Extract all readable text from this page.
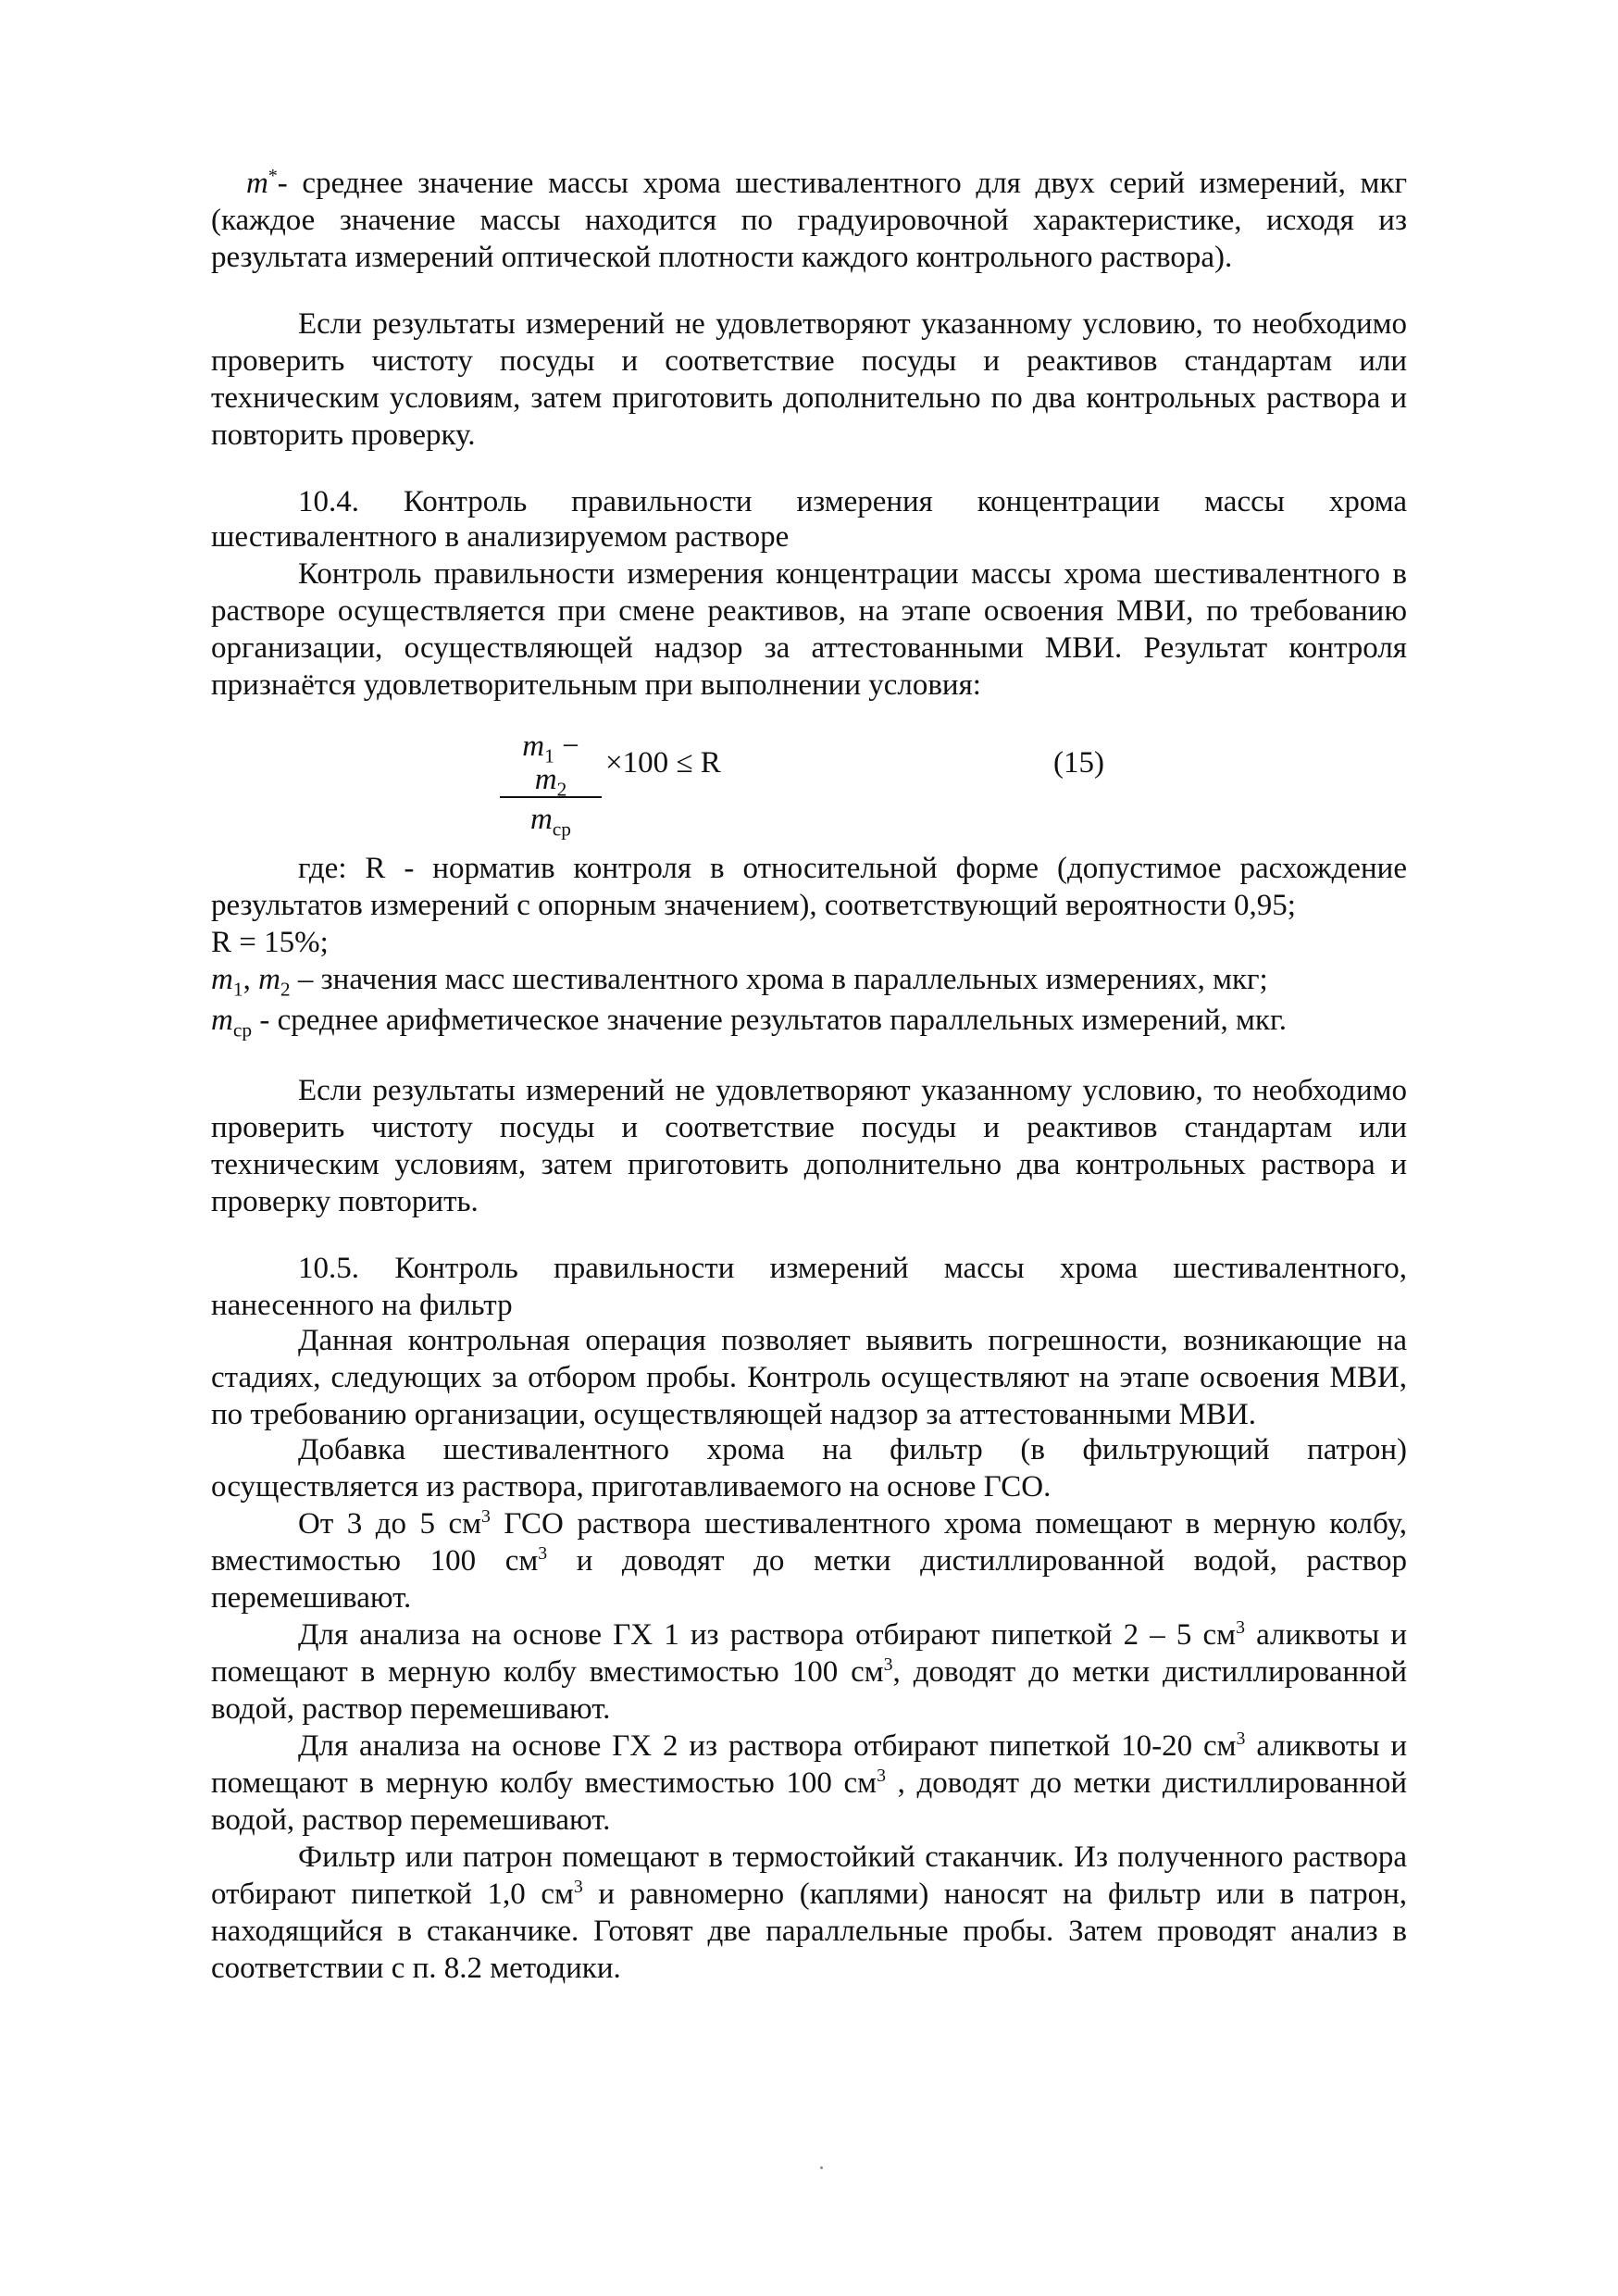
m*- среднее значение массы хрома шестивалентного для двух серий измерений, мкг
(каждое значение массы находится по градуировочной характеристике, исходя из
результата измерений оптической плотности каждого контрольного раствора).
Если результаты измерений не удовлетворяют указанному условию, то необходимо
проверить чистоту посуды и соответствие посуды и реактивов стандартам или
техническим условиям, затем приготовить дополнительно по два контрольных раствора и
повторить проверку.
10.4. Контроль правильности измерения концентрации массы хрома
шестивалентного в анализируемом растворе
Контроль правильности измерения концентрации массы хрома шестивалентного в
растворе осуществляется при смене реактивов, на этапе освоения МВИ, по требованию
организации, осуществляющей надзор за аттестованными МВИ. Результат контроля
признаётся удовлетворительным при выполнении условия:
$m_1 - m_2$
$m_{ср}$
×100 ≤ R	(15)
где: R - норматив контроля в относительной форме (допустимое расхождение
результатов измерений с опорным значением), соответствующий вероятности 0,95;
R = 15%;
$m_1$, $m_2$ – значения масс шестивалентного хрома в параллельных измерениях, мкг;
$m_{ср}$ - среднее арифметическое значение результатов параллельных измерений, мкг.
Если результаты измерений не удовлетворяют указанному условию, то необходимо
проверить чистоту посуды и соответствие посуды и реактивов стандартам или
техническим условиям, затем приготовить дополнительно два контрольных раствора и
проверку повторить.
10.5. Контроль правильности измерений массы хрома шестивалентного,
нанесенного на фильтр
Данная контрольная операция позволяет выявить погрешности, возникающие на
стадиях, следующих за отбором пробы. Контроль осуществляют на этапе освоения МВИ,
по требованию организации, осуществляющей надзор за аттестованными МВИ.
Добавка шестивалентного хрома на фильтр (в фильтрующий патрон)
осуществляется из раствора, приготавливаемого на основе ГСО.
От 3 до 5 $см^3$ ГСО раствора шестивалентного хрома помещают в мерную колбу,
вместимостью 100 $см^3$ и доводят до метки дистиллированной водой, раствор
перемешивают.
Для анализа на основе ГХ 1 из раствора отбирают пипеткой 2 – 5 $см^3$ аликвоты и
помещают в мерную колбу вместимостью 100 $см^3$, доводят до метки дистиллированной
водой, раствор перемешивают.
Для анализа на основе ГХ 2 из раствора отбирают пипеткой 10-20 $см^3$ аликвоты и
помещают в мерную колбу вместимостью 100 $см^3$ , доводят до метки дистиллированной
водой, раствор перемешивают.
Фильтр или патрон помещают в термостойкий стаканчик. Из полученного раствора
отбирают пипеткой 1,0 $см^3$ и равномерно (каплями) наносят на фильтр или в патрон,
находящийся в стаканчике. Готовят две параллельные пробы. Затем проводят анализ в
соответствии с п. 8.2 методики.
